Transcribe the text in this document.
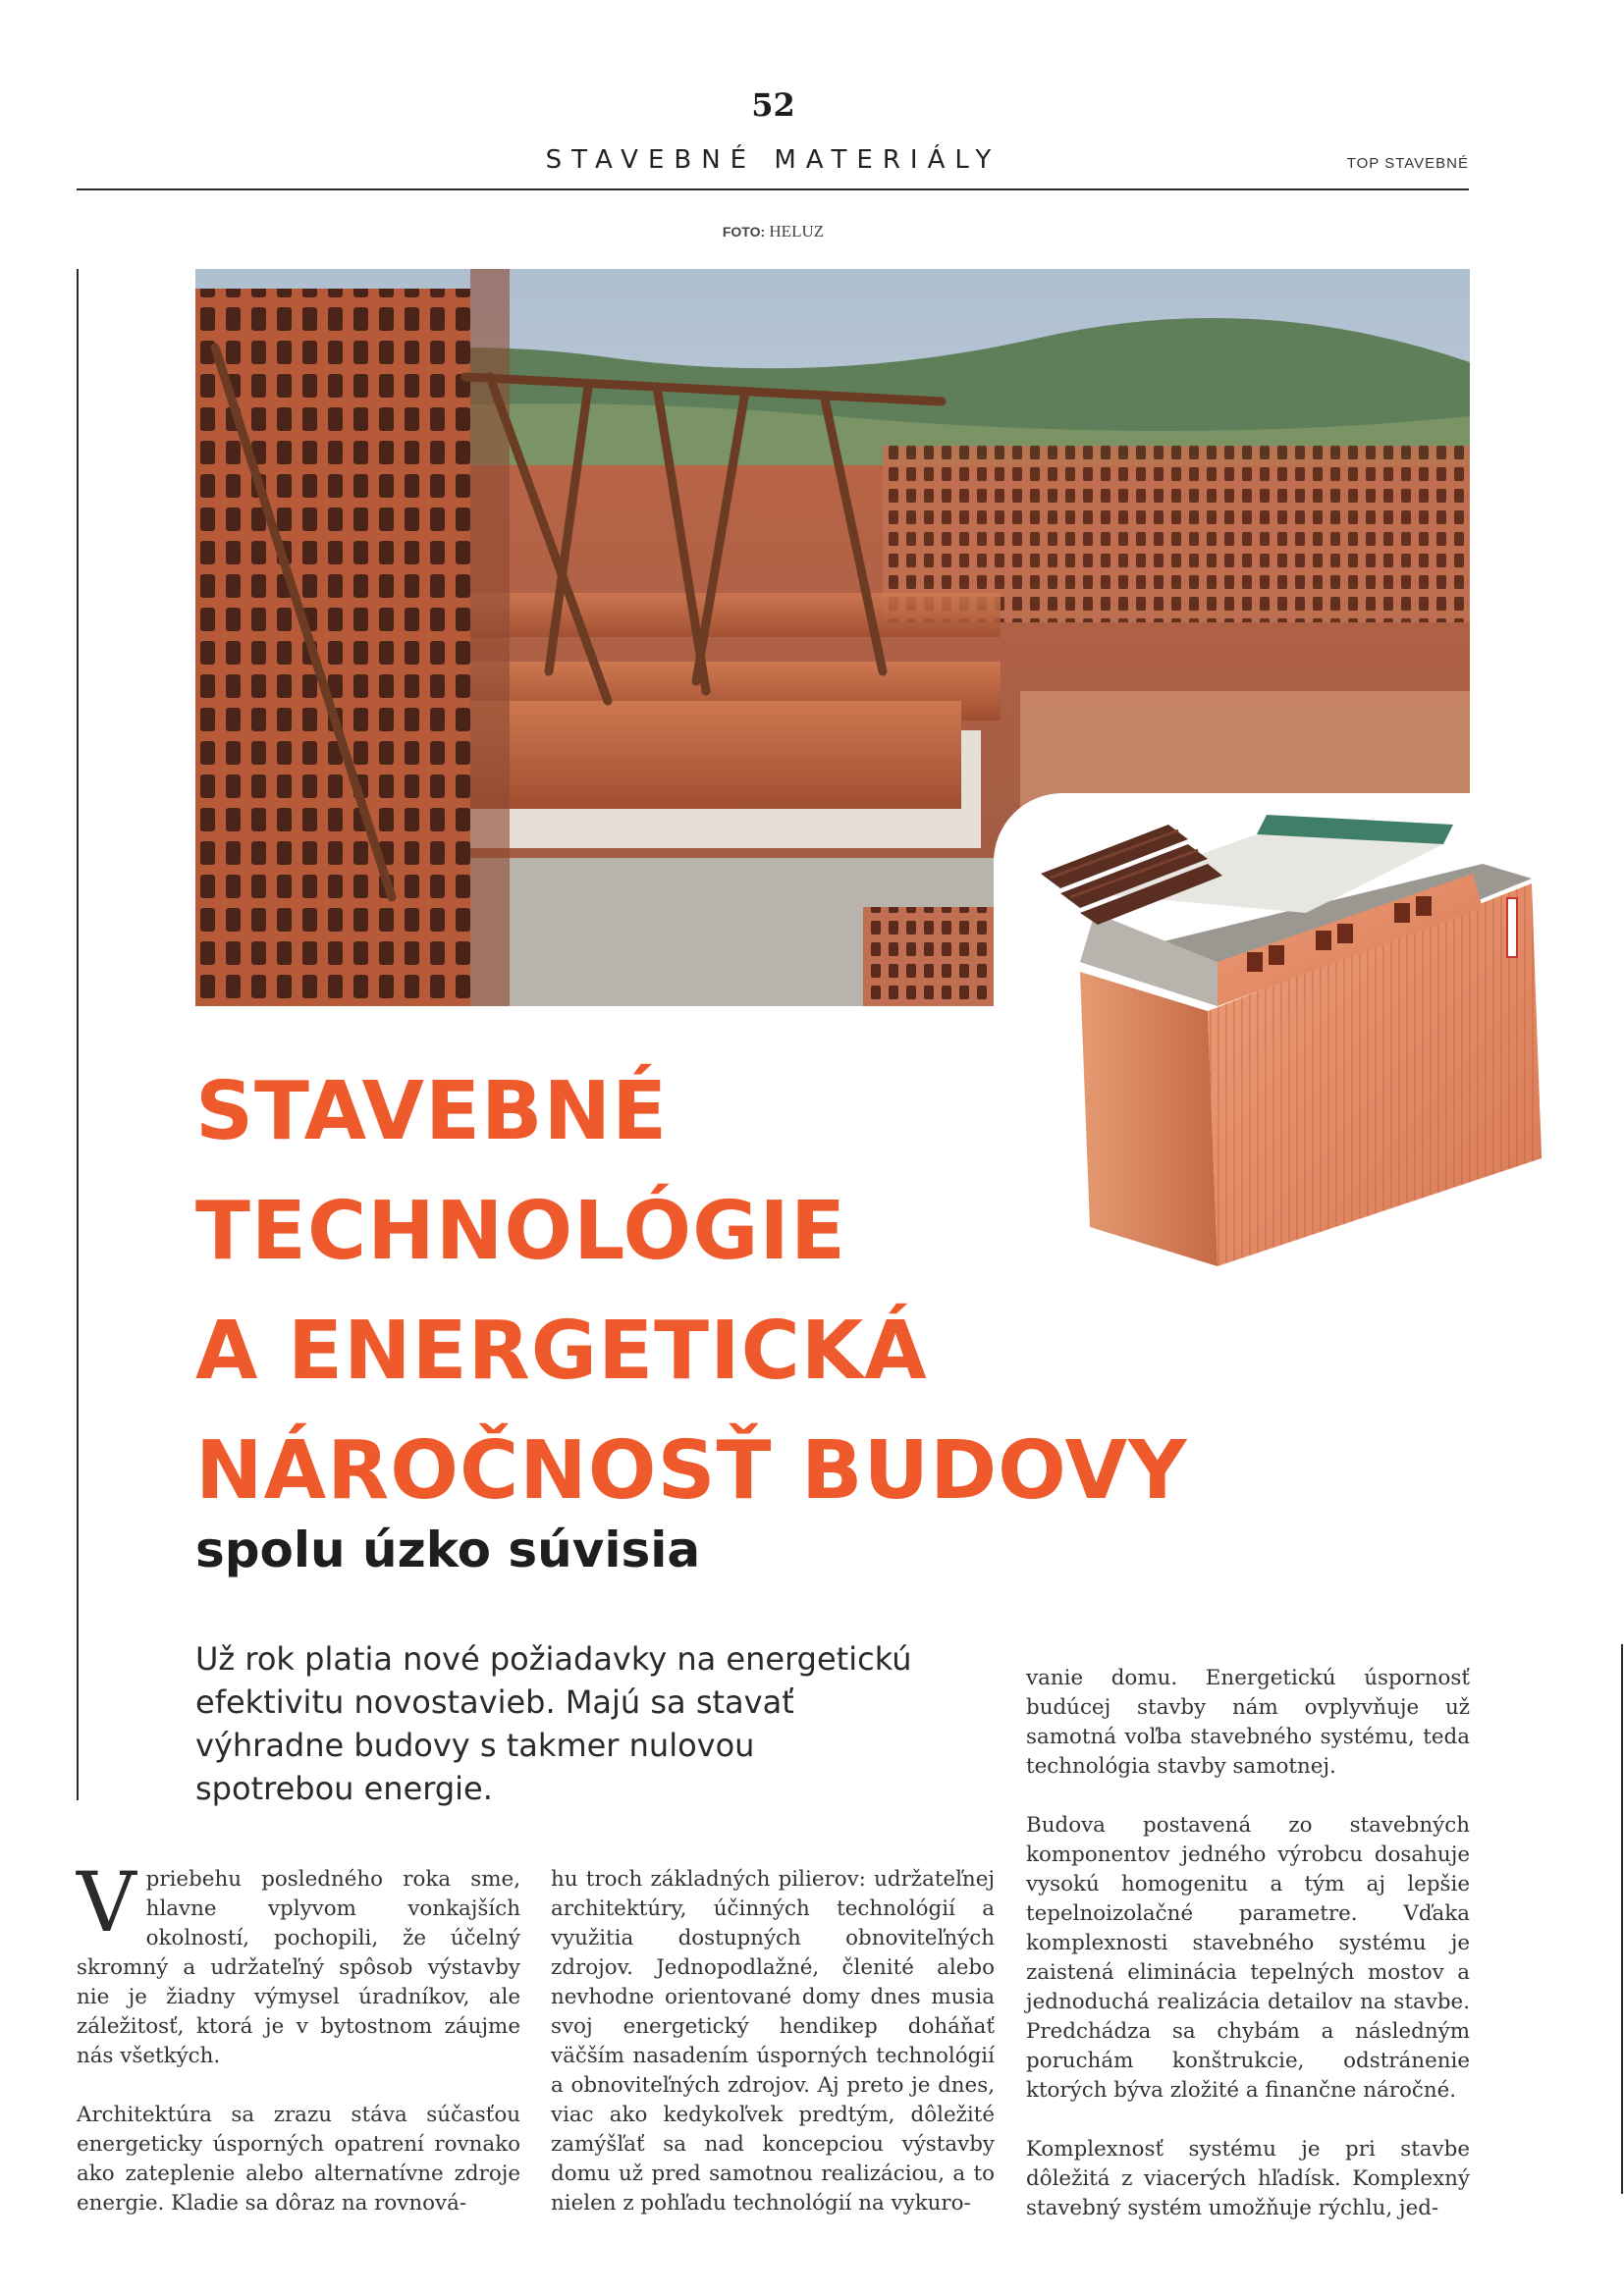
52
STAVEBNÉ MATERIÁLY	TOP STAVEBNÉ
FOTO: HELUZ
STAVEBNÉ
TECHNOLÓGIE
A ENERGETICKÁ
NÁROČNOSŤ BUDOVY
spolu úzko súvisia
Už rok platia nové požiadavky na energetickú
efektivitu novostavieb. Majú sa stavať
výhradne budovy s takmer nulovou
spotrebou energie.

Vpriebehu posledného roka sme, hlavne vplyvom vonkajších okolností, pochopili, že účelný skromný a udržateľný spôsob výstavby nie je žiadny výmysel úradníkov, ale záležitosť, ktorá je v bytostnom záujme nás všetkých.

Architektúra sa zrazu stáva súčasťou energeticky úsporných opatrení rovnako ako zateplenie alebo alternatívne zdroje energie. Kladie sa dôraz na rovnová-

hu troch základných pilierov: udržateľnej architektúry, účinných technológií a využitia dostupných obnoviteľných zdrojov. Jednopodlažné, členité alebo nevhodne orientované domy dnes musia svoj energetický hendikep doháňať väčším nasadením úsporných technológií a obnoviteľných zdrojov. Aj preto je dnes, viac ako kedykoľvek predtým, dôležité zamýšľať sa nad koncepciou výstavby domu už pred samotnou realizáciou, a to nielen z pohľadu technológií na vykuro-

vanie domu. Energetickú úspornosť budúcej stavby nám ovplyvňuje už samotná voľba stavebného systému, teda technológia stavby samotnej.

Budova postavená zo stavebných komponentov jedného výrobcu dosahuje vysokú homogenitu a tým aj lepšie tepelnoizolačné parametre. Vďaka komplexnosti stavebného systému je zaistená eliminácia tepelných mostov a jednoduchá realizácia detailov na stavbe. Predchádza sa chybám a následným poruchám konštrukcie, odstránenie ktorých býva zložité a finančne náročné.

Komplexnosť systému je pri stavbe dôležitá z viacerých hľadísk. Komplexný stavebný systém umožňuje rýchlu, jed-
